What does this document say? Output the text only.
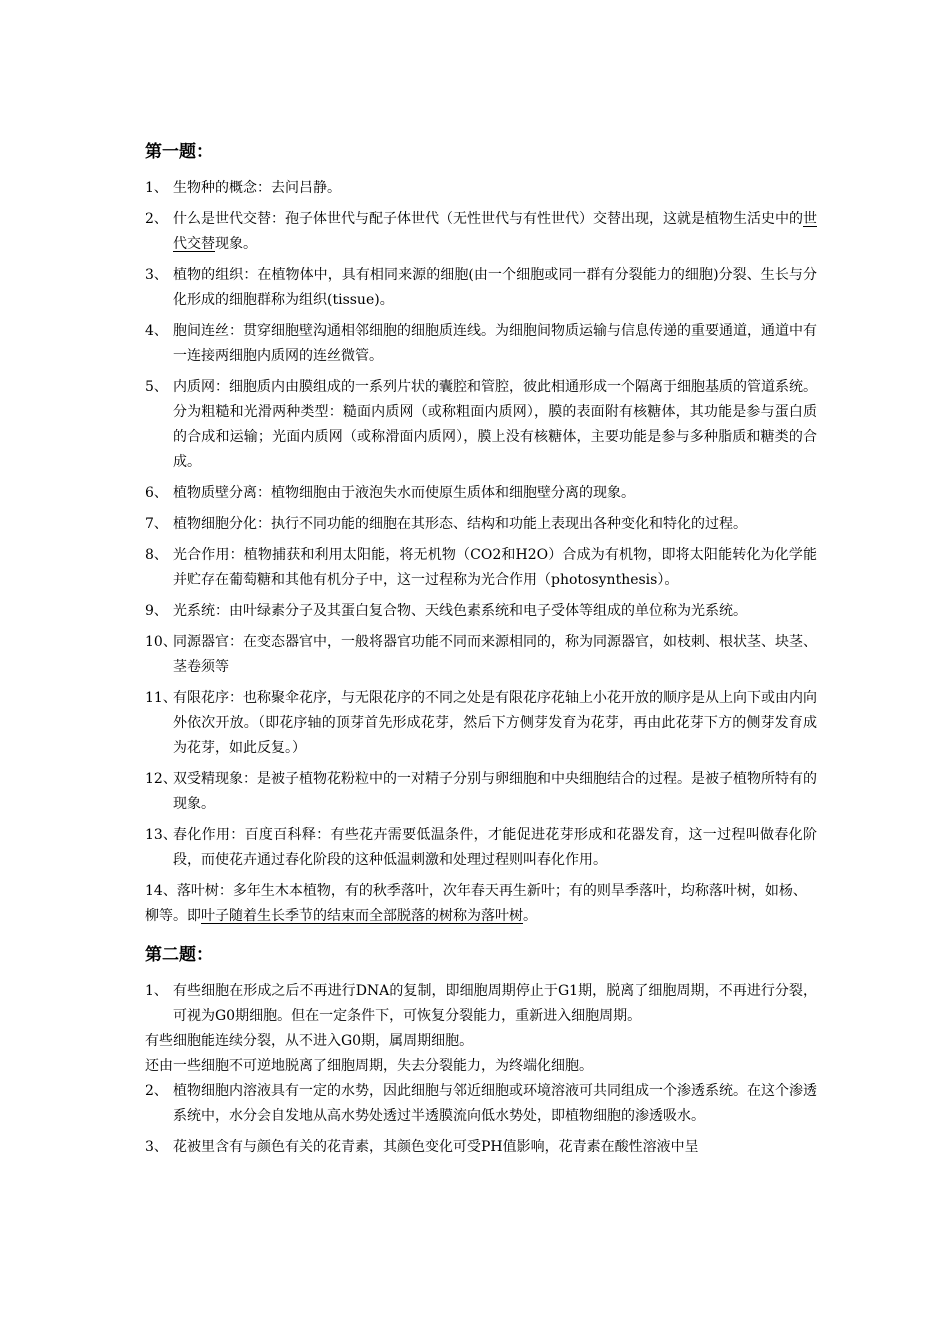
第一题：
1、 生物种的概念：去问吕静。
2、 什么是世代交替：孢子体世代与配子体世代（无性世代与有性世代）交替出现，这就是植物生活史中的世代交替现象。
3、 植物的组织：在植物体中，具有相同来源的细胞(由一个细胞或同一群有分裂能力的细胞)分裂、生长与分化形成的细胞群称为组织(tissue)。
4、 胞间连丝：贯穿细胞壁沟通相邻细胞的细胞质连线。为细胞间物质运输与信息传递的重要通道，通道中有一连接两细胞内质网的连丝微管。
5、 内质网：细胞质内由膜组成的一系列片状的囊腔和管腔，彼此相通形成一个隔离于细胞基质的管道系统。分为粗糙和光滑两种类型：糙面内质网（或称粗面内质网），膜的表面附有核糖体，其功能是参与蛋白质的合成和运输；光面内质网（或称滑面内质网），膜上没有核糖体，主要功能是参与多种脂质和糖类的合成。
6、 植物质壁分离：植物细胞由于液泡失水而使原生质体和细胞壁分离的现象。
7、 植物细胞分化：执行不同功能的细胞在其形态、结构和功能上表现出各种变化和特化的过程。
8、 光合作用：植物捕获和利用太阳能，将无机物（CO2和H2O）合成为有机物，即将太阳能转化为化学能并贮存在葡萄糖和其他有机分子中，这一过程称为光合作用（photosynthesis）。
9、 光系统：由叶绿素分子及其蛋白复合物、天线色素系统和电子受体等组成的单位称为光系统。
10、
同源器官：在变态器官中，一般将器官功能不同而来源相同的，称为同源器官，如枝刺、根状茎、块茎、茎卷须等
11、
有限花序：也称聚伞花序，与无限花序的不同之处是有限花序花轴上小花开放的顺序是从上向下或由内向外依次开放。（即花序轴的顶芽首先形成花芽，然后下方侧芽发育为花芽，再由此花芽下方的侧芽发育成为花芽，如此反复。）
12、
双受精现象：是被子植物花粉粒中的一对精子分别与卵细胞和中央细胞结合的过程。是被子植物所特有的现象。
13、
春化作用：百度百科释：有些花卉需要低温条件，才能促进花芽形成和花器发育，这一过程叫做春化阶段，而使花卉通过春化阶段的这种低温刺激和处理过程则叫春化作用。
14、落叶树：多年生木本植物，有的秋季落叶，次年春天再生新叶；有的则旱季落叶，均称落叶树，如杨、柳等。即叶子随着生长季节的结束而全部脱落的树称为落叶树。
第二题：
1、 有些细胞在形成之后不再进行DNA的复制，即细胞周期停止于G1期，脱离了细胞周期，不再进行分裂，可视为G0期细胞。但在一定条件下，可恢复分裂能力，重新进入细胞周期。
有些细胞能连续分裂，从不进入G0期，属周期细胞。
还由一些细胞不可逆地脱离了细胞周期，失去分裂能力，为终端化细胞。
2、 植物细胞内溶液具有一定的水势，因此细胞与邻近细胞或环境溶液可共同组成一个渗透系统。在这个渗透系统中，水分会自发地从高水势处透过半透膜流向低水势处，即植物细胞的渗透吸水。
3、 花被里含有与颜色有关的花青素，其颜色变化可受PH值影响，花青素在酸性溶液中呈
